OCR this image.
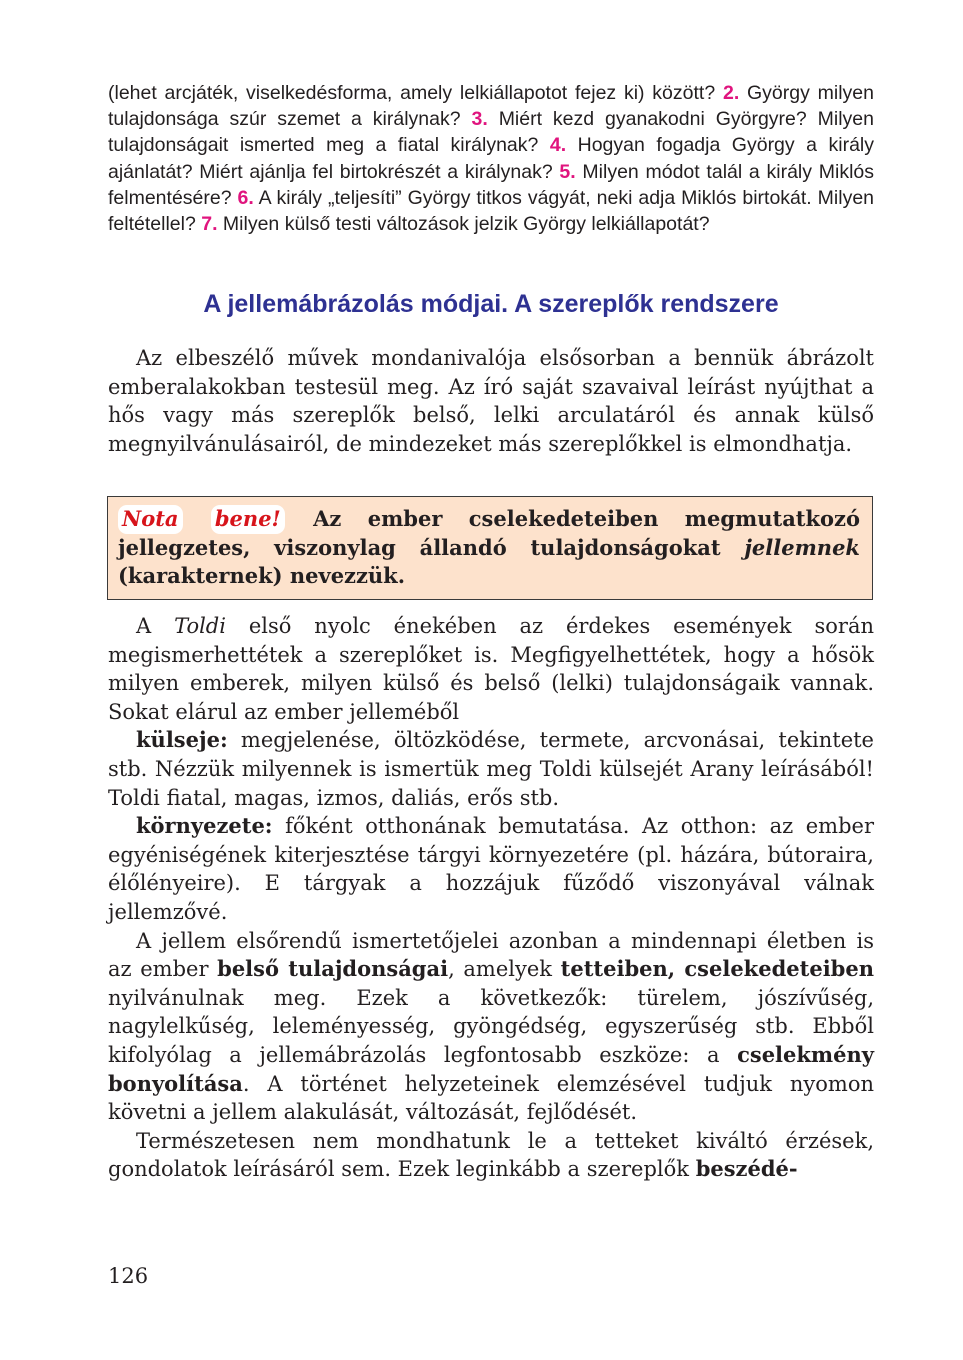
(lehet arcjáték, viselkedésforma, amely lelkiállapotot fejez ki) között? 2. György milyen tulajdonsága szúr szemet a királynak? 3. Miért kezd gyanakodni Györgyre? Milyen tulajdonságait ismerted meg a fiatal királynak? 4. Hogyan fogadja György a király ajánlatát? Miért ajánlja fel birtokrészét a királynak? 5. Milyen módot talál a király Miklós felmentésére? 6. A király „teljesíti” György titkos vágyát, neki adja Miklós birtokát. Milyen feltétellel? 7. Milyen külső testi változások jelzik György lelkiállapotát?
A jellemábrázolás módjai. A szereplők rendszere

Az elbeszélő művek mondanivalója elsősorban a bennük ábrázolt emberalakokban testesül meg. Az író saját szavaival leírást nyújthat a hős vagy más szereplők belső, lelki arculatáról és annak külső megnyilvánulásairól, de mindezeket más szereplőkkel is elmondhatja.

Nota bene! Az ember cselekedeteiben megmutatkozó jellegzetes, viszonylag állandó tulajdonságokat jellemnek (karakternek) nevezzük.

A Toldi első nyolc énekében az érdekes események során megismerhettétek a szereplőket is. Megfigyelhettétek, hogy a hősök milyen emberek, milyen külső és belső (lelki) tulajdonságaik vannak. Sokat elárul az ember jelleméből

külseje: megjelenése, öltözködése, termete, arcvonásai, tekintete stb. Nézzük milyennek is ismertük meg Toldi külsejét Arany leírásából! Toldi fiatal, magas, izmos, daliás, erős stb.

környezete: főként otthonának bemutatása. Az otthon: az ember egyéniségének kiterjesztése tárgyi környezetére (pl. házára, bútoraira, élőlényeire). E tárgyak a hozzájuk fűződő viszonyával válnak jellemzővé.

A jellem elsőrendű ismertetőjelei azonban a mindennapi életben is az ember belső tulajdonságai, amelyek tetteiben, cselekedeteiben nyilvánulnak meg. Ezek a következők: türelem, jószívűség, nagylelkűség, leleményesség, gyöngédség, egyszerűség stb. Ebből kifolyólag a jellemábrázolás legfontosabb eszköze: a cselekmény bonyolítása. A történet helyzeteinek elemzésével tudjuk nyomon követni a jellem alakulását, változását, fejlődését.

Természetesen nem mondhatunk le a tetteket kiváltó érzések, gondolatok leírásáról sem. Ezek leginkább a szereplők beszédé-

126
